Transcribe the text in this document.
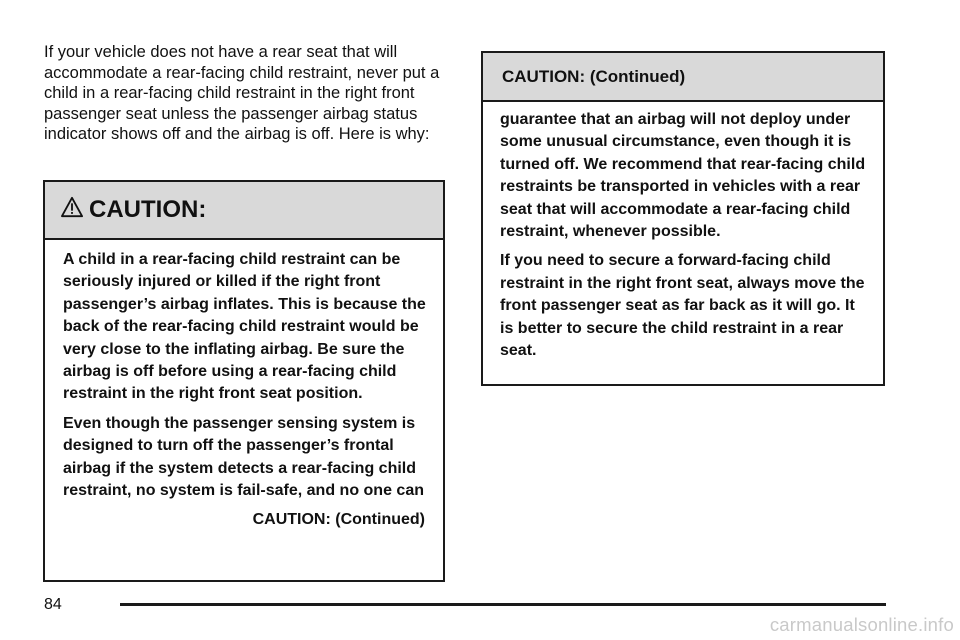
If your vehicle does not have a rear seat that will accommodate a rear-facing child restraint, never put a child in a rear-facing child restraint in the right front passenger seat unless the passenger airbag status indicator shows off and the airbag is off. Here is why:
CAUTION:

A child in a rear-facing child restraint can be seriously injured or killed if the right front passenger’s airbag inflates. This is because the back of the rear-facing child restraint would be very close to the inflating airbag. Be sure the airbag is off before using a rear-facing child restraint in the right front seat position.

Even though the passenger sensing system is designed to turn off the passenger’s frontal airbag if the system detects a rear-facing child restraint, no system is fail-safe, and no one can

CAUTION: (Continued)
CAUTION: (Continued)

guarantee that an airbag will not deploy under some unusual circumstance, even though it is turned off. We recommend that rear-facing child restraints be transported in vehicles with a rear seat that will accommodate a rear-facing child restraint, whenever possible.

If you need to secure a forward-facing child restraint in the right front seat, always move the front passenger seat as far back as it will go. It is better to secure the child restraint in a rear seat.

84
carmanualsonline.info
